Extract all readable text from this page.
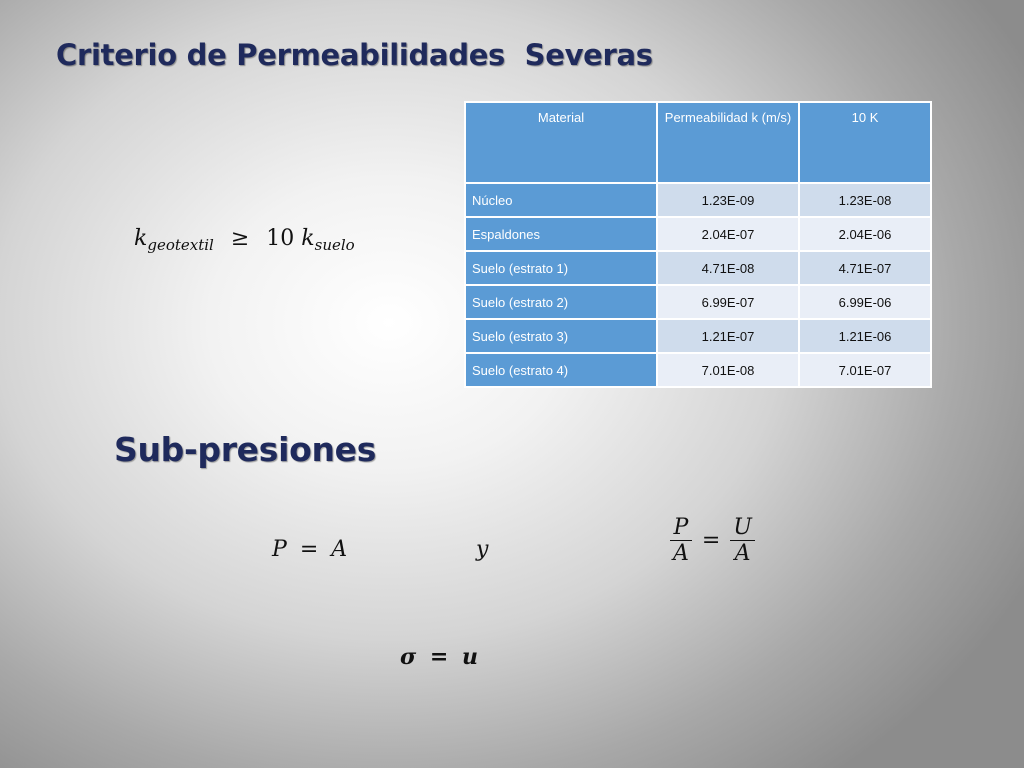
Criterio de Permeabilidades  Severas
$k_{geotextil} \ge 10$ $k_{suelo}$
Material	Permeabilidad k (m/s)	10 K
Núcleo	1.23E-09	1.23E-08
Espaldones	2.04E-07	2.04E-06
Suelo (estrato 1)	4.71E-08	4.71E-07
Suelo (estrato 2)	6.99E-07	6.99E-06
Suelo (estrato 3)	1.21E-07	1.21E-06
Suelo (estrato 4)	7.01E-08	7.01E-07
Sub-presiones
P = A	y	$\frac{P}{A} = \frac{U}{A}$
σ = u
